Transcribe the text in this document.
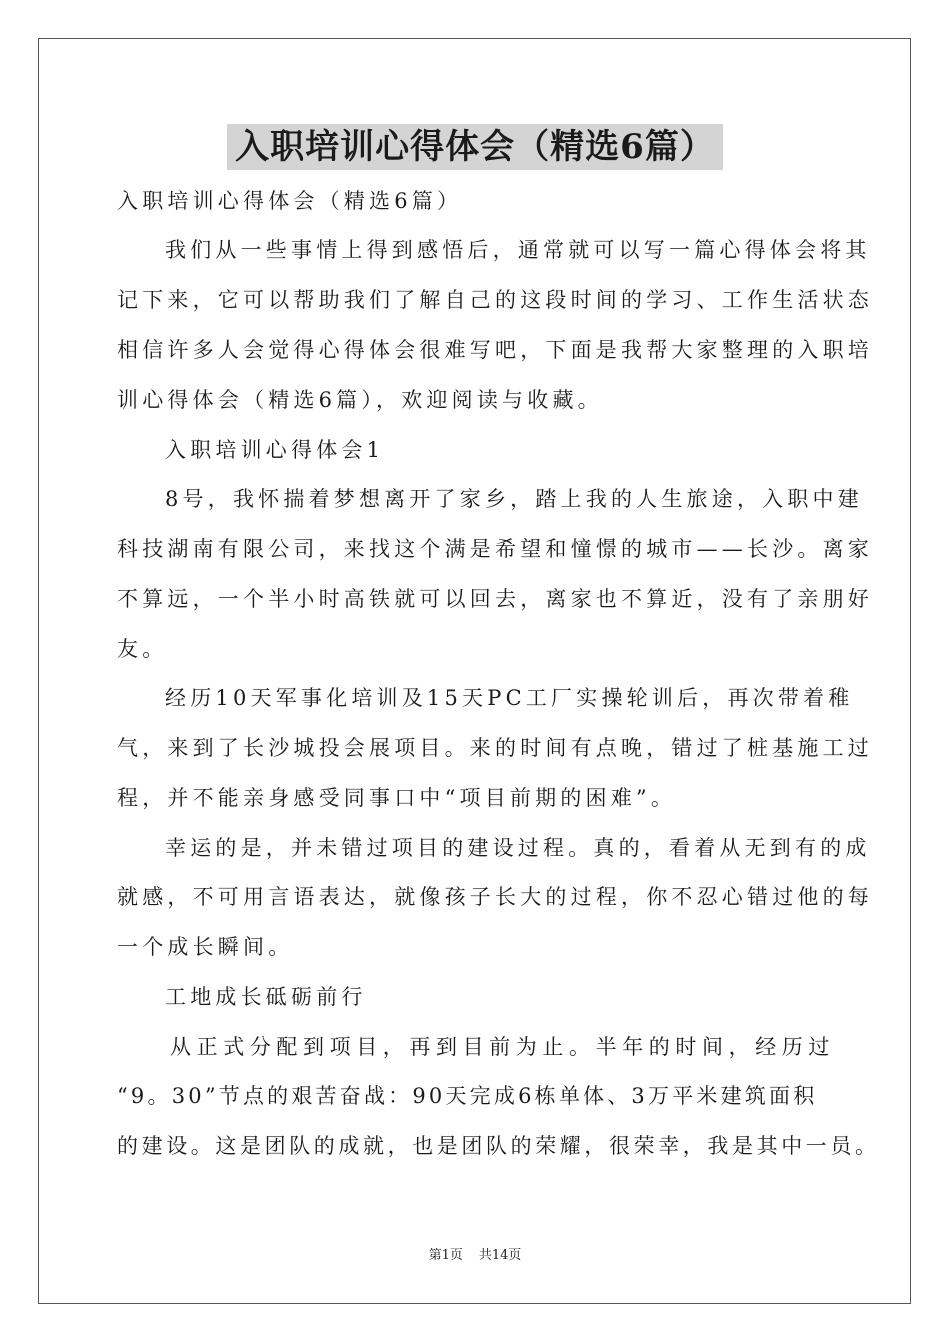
入职培训心得体会（精选6篇）
入职培训心得体会（精选6篇）
我们从一些事情上得到感悟后，通常就可以写一篇心得体会将其
记下来，它可以帮助我们了解自己的这段时间的学习、工作生活状态
相信许多人会觉得心得体会很难写吧，下面是我帮大家整理的入职培
训心得体会（精选6篇），欢迎阅读与收藏。
入职培训心得体会1
8号，我怀揣着梦想离开了家乡，踏上我的人生旅途，入职中建
科技湖南有限公司，来找这个满是希望和憧憬的城市——长沙。离家
不算远，一个半小时高铁就可以回去，离家也不算近，没有了亲朋好
友。
经历10天军事化培训及15天PC工厂实操轮训后，再次带着稚
气，来到了长沙城投会展项目。来的时间有点晚，错过了桩基施工过
程，并不能亲身感受同事口中“项目前期的困难”。
幸运的是，并未错过项目的建设过程。真的，看着从无到有的成
就感，不可用言语表达，就像孩子长大的过程，你不忍心错过他的每
一个成长瞬间。
工地成长砥砺前行
从正式分配到项目，再到目前为止。半年的时间，经历过
“9。30”节点的艰苦奋战：90天完成6栋单体、3万平米建筑面积
的建设。这是团队的成就，也是团队的荣耀，很荣幸，我是其中一员。
第1页 共14页
